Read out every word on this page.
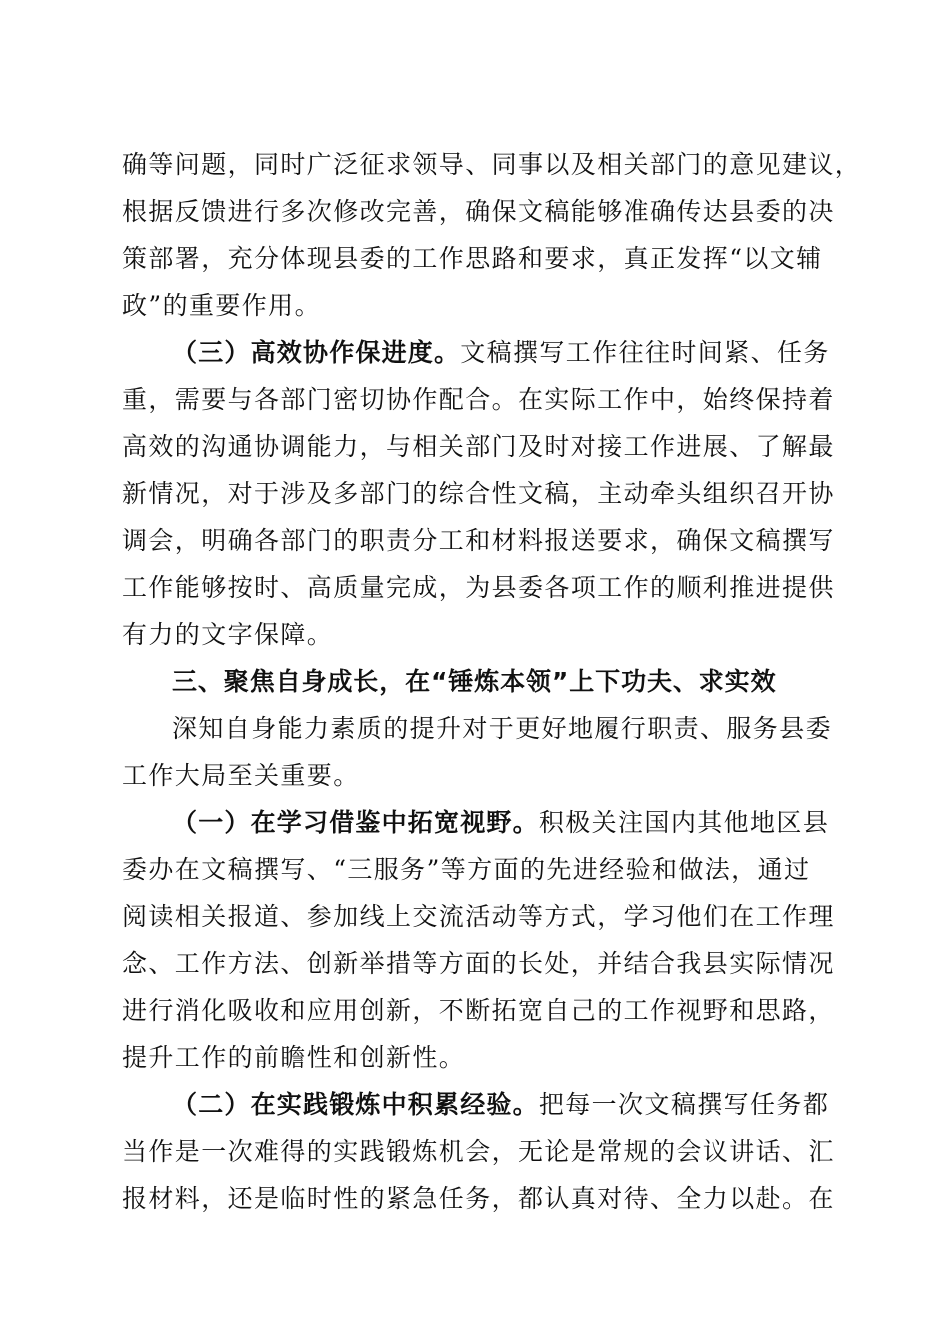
确等问题，同时广泛征求领导、同事以及相关部门的意见建议，
根据反馈进行多次修改完善，确保文稿能够准确传达县委的决
策部署，充分体现县委的工作思路和要求，真正发挥“以文辅
政”的重要作用。
（三）高效协作保进度。文稿撰写工作往往时间紧、任务
重，需要与各部门密切协作配合。在实际工作中，始终保持着
高效的沟通协调能力，与相关部门及时对接工作进展、了解最
新情况，对于涉及多部门的综合性文稿，主动牵头组织召开协
调会，明确各部门的职责分工和材料报送要求，确保文稿撰写
工作能够按时、高质量完成，为县委各项工作的顺利推进提供
有力的文字保障。
三、聚焦自身成长，在“锤炼本领”上下功夫、求实效
深知自身能力素质的提升对于更好地履行职责、服务县委
工作大局至关重要。
（一）在学习借鉴中拓宽视野。积极关注国内其他地区县
委办在文稿撰写、“三服务”等方面的先进经验和做法，通过
阅读相关报道、参加线上交流活动等方式，学习他们在工作理
念、工作方法、创新举措等方面的长处，并结合我县实际情况
进行消化吸收和应用创新，不断拓宽自己的工作视野和思路，
提升工作的前瞻性和创新性。
（二）在实践锻炼中积累经验。把每一次文稿撰写任务都
当作是一次难得的实践锻炼机会，无论是常规的会议讲话、汇
报材料，还是临时性的紧急任务，都认真对待、全力以赴。在
